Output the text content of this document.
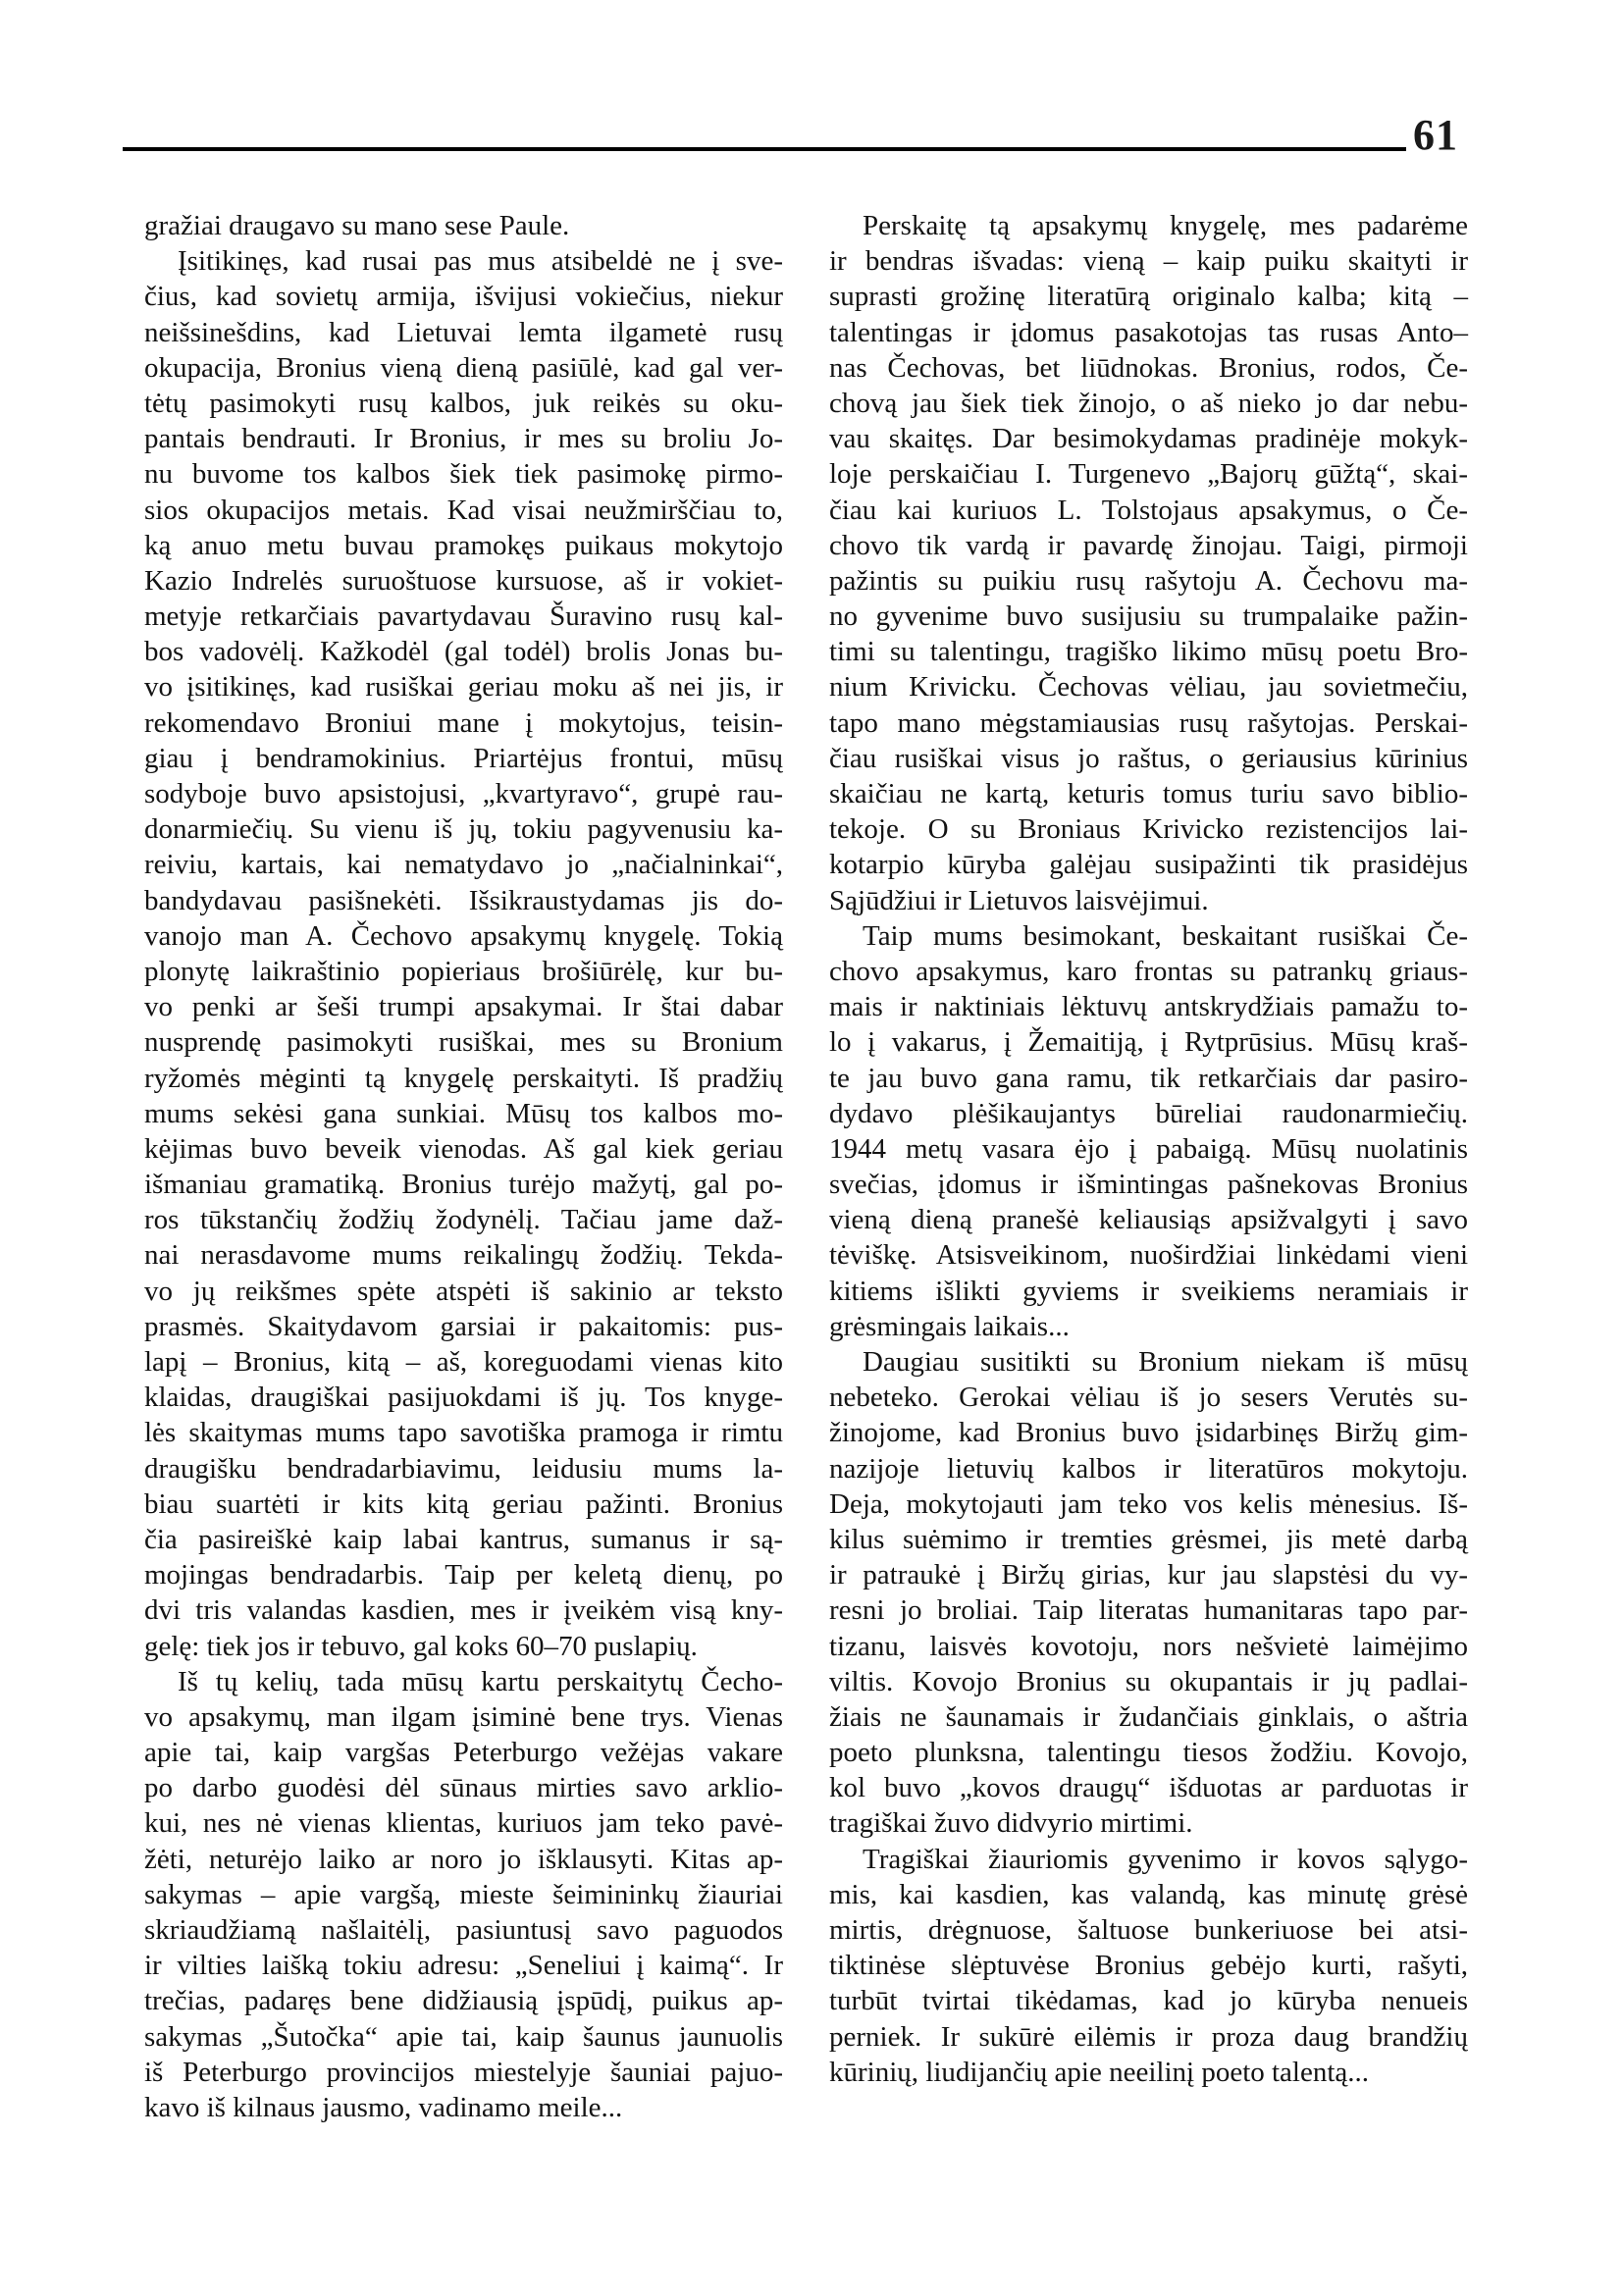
61
gražiai draugavo su mano sese Paule.
Įsitikinęs, kad rusai pas mus atsibeldė ne į sve-
čius, kad sovietų armija, išvijusi vokiečius, niekur
neišsinešdins, kad Lietuvai lemta ilgametė rusų
okupacija, Bronius vieną dieną pasiūlė, kad gal ver-
tėtų pasimokyti rusų kalbos, juk reikės su oku-
pantais bendrauti. Ir Bronius, ir mes su broliu Jo-
nu buvome tos kalbos šiek tiek pasimokę pirmo-
sios okupacijos metais. Kad visai neužmirščiau to,
ką anuo metu buvau pramokęs puikaus mokytojo
Kazio Indrelės suruoštuose kursuose, aš ir vokiet-
metyje retkarčiais pavartydavau Šuravino rusų kal-
bos vadovėlį. Kažkodėl (gal todėl) brolis Jonas bu-
vo įsitikinęs, kad rusiškai geriau moku aš nei jis, ir
rekomendavo Broniui mane į mokytojus, teisin-
giau į bendramokinius. Priartėjus frontui, mūsų
sodyboje buvo apsistojusi, „kvartyravo“, grupė rau-
donarmiečių. Su vienu iš jų, tokiu pagyvenusiu ka-
reiviu, kartais, kai nematydavo jo „načialninkai“,
bandydavau pasišnekėti. Išsikraustydamas jis do-
vanojo man A. Čechovo apsakymų knygelę. Tokią
plonytę laikraštinio popieriaus brošiūrėlę, kur bu-
vo penki ar šeši trumpi apsakymai. Ir štai dabar
nusprendę pasimokyti rusiškai, mes su Bronium
ryžomės mėginti tą knygelę perskaityti. Iš pradžių
mums sekėsi gana sunkiai. Mūsų tos kalbos mo-
kėjimas buvo beveik vienodas. Aš gal kiek geriau
išmaniau gramatiką. Bronius turėjo mažytį, gal po-
ros tūkstančių žodžių žodynėlį. Tačiau jame daž-
nai nerasdavome mums reikalingų žodžių. Tekda-
vo jų reikšmes spėte atspėti iš sakinio ar teksto
prasmės. Skaitydavom garsiai ir pakaitomis: pus-
lapį – Bronius, kitą – aš, koreguodami vienas kito
klaidas, draugiškai pasijuokdami iš jų. Tos knyge-
lės skaitymas mums tapo savotiška pramoga ir rimtu
draugišku bendradarbiavimu, leidusiu mums la-
biau suartėti ir kits kitą geriau pažinti. Bronius
čia pasireiškė kaip labai kantrus, sumanus ir są-
mojingas bendradarbis. Taip per keletą dienų, po
dvi tris valandas kasdien, mes ir įveikėm visą kny-
gelę: tiek jos ir tebuvo, gal koks 60–70 puslapių.
Iš tų kelių, tada mūsų kartu perskaitytų Čecho-
vo apsakymų, man ilgam įsiminė bene trys. Vienas
apie tai, kaip vargšas Peterburgo vežėjas vakare
po darbo guodėsi dėl sūnaus mirties savo arklio-
kui, nes nė vienas klientas, kuriuos jam teko pavė-
žėti, neturėjo laiko ar noro jo išklausyti. Kitas ap-
sakymas – apie vargšą, mieste šeimininkų žiauriai
skriaudžiamą našlaitėlį, pasiuntusį savo paguodos
ir vilties laišką tokiu adresu: „Seneliui į kaimą“. Ir
trečias, padaręs bene didžiausią įspūdį, puikus ap-
sakymas „Šutočka“ apie tai, kaip šaunus jaunuolis
iš Peterburgo provincijos miestelyje šauniai pajuo-
kavo iš kilnaus jausmo, vadinamo meile...
Perskaitę tą apsakymų knygelę, mes padarėme
ir bendras išvadas: vieną – kaip puiku skaityti ir
suprasti grožinę literatūrą originalo kalba; kitą –
talentingas ir įdomus pasakotojas tas rusas Anto–
nas Čechovas, bet liūdnokas. Bronius, rodos, Če-
chovą jau šiek tiek žinojo, o aš nieko jo dar nebu-
vau skaitęs. Dar besimokydamas pradinėje mokyk-
loje perskaičiau I. Turgenevo „Bajorų gūžtą“, skai-
čiau kai kuriuos L. Tolstojaus apsakymus, o Če-
chovo tik vardą ir pavardę žinojau. Taigi, pirmoji
pažintis su puikiu rusų rašytoju A. Čechovu ma-
no gyvenime buvo susijusiu su trumpalaike pažin-
timi su talentingu, tragiško likimo mūsų poetu Bro-
nium Krivicku. Čechovas vėliau, jau sovietmečiu,
tapo mano mėgstamiausias rusų rašytojas. Perskai-
čiau rusiškai visus jo raštus, o geriausius kūrinius
skaičiau ne kartą, keturis tomus turiu savo biblio-
tekoje. O su Broniaus Krivicko rezistencijos lai-
kotarpio kūryba galėjau susipažinti tik prasidėjus
Sąjūdžiui ir Lietuvos laisvėjimui.
Taip mums besimokant, beskaitant rusiškai Če-
chovo apsakymus, karo frontas su patrankų griaus-
mais ir naktiniais lėktuvų antskrydžiais pamažu to-
lo į vakarus, į Žemaitiją, į Rytprūsius. Mūsų kraš-
te jau buvo gana ramu, tik retkarčiais dar pasiro-
dydavo plėšikaujantys būreliai raudonarmiečių.
1944 metų vasara ėjo į pabaigą. Mūsų nuolatinis
svečias, įdomus ir išmintingas pašnekovas Bronius
vieną dieną pranešė keliausiąs apsižvalgyti į savo
tėviškę. Atsisveikinom, nuoširdžiai linkėdami vieni
kitiems išlikti gyviems ir sveikiems neramiais ir
grėsmingais laikais...
Daugiau susitikti su Bronium niekam iš mūsų
nebeteko. Gerokai vėliau iš jo sesers Verutės su-
žinojome, kad Bronius buvo įsidarbinęs Biržų gim-
nazijoje lietuvių kalbos ir literatūros mokytoju.
Deja, mokytojauti jam teko vos kelis mėnesius. Iš-
kilus suėmimo ir tremties grėsmei, jis metė darbą
ir patraukė į Biržų girias, kur jau slapstėsi du vy-
resni jo broliai. Taip literatas humanitaras tapo par-
tizanu, laisvės kovotoju, nors nešvietė laimėjimo
viltis. Kovojo Bronius su okupantais ir jų padlai-
žiais ne šaunamais ir žudančiais ginklais, o aštria
poeto plunksna, talentingu tiesos žodžiu. Kovojo,
kol buvo „kovos draugų“ išduotas ar parduotas ir
tragiškai žuvo didvyrio mirtimi.
Tragiškai žiauriomis gyvenimo ir kovos sąlygo-
mis, kai kasdien, kas valandą, kas minutę grėsė
mirtis, drėgnuose, šaltuose bunkeriuose bei atsi-
tiktinėse slėptuvėse Bronius gebėjo kurti, rašyti,
turbūt tvirtai tikėdamas, kad jo kūryba nenueis
perniek. Ir sukūrė eilėmis ir proza daug brandžių
kūrinių, liudijančių apie neeilinį poeto talentą...
